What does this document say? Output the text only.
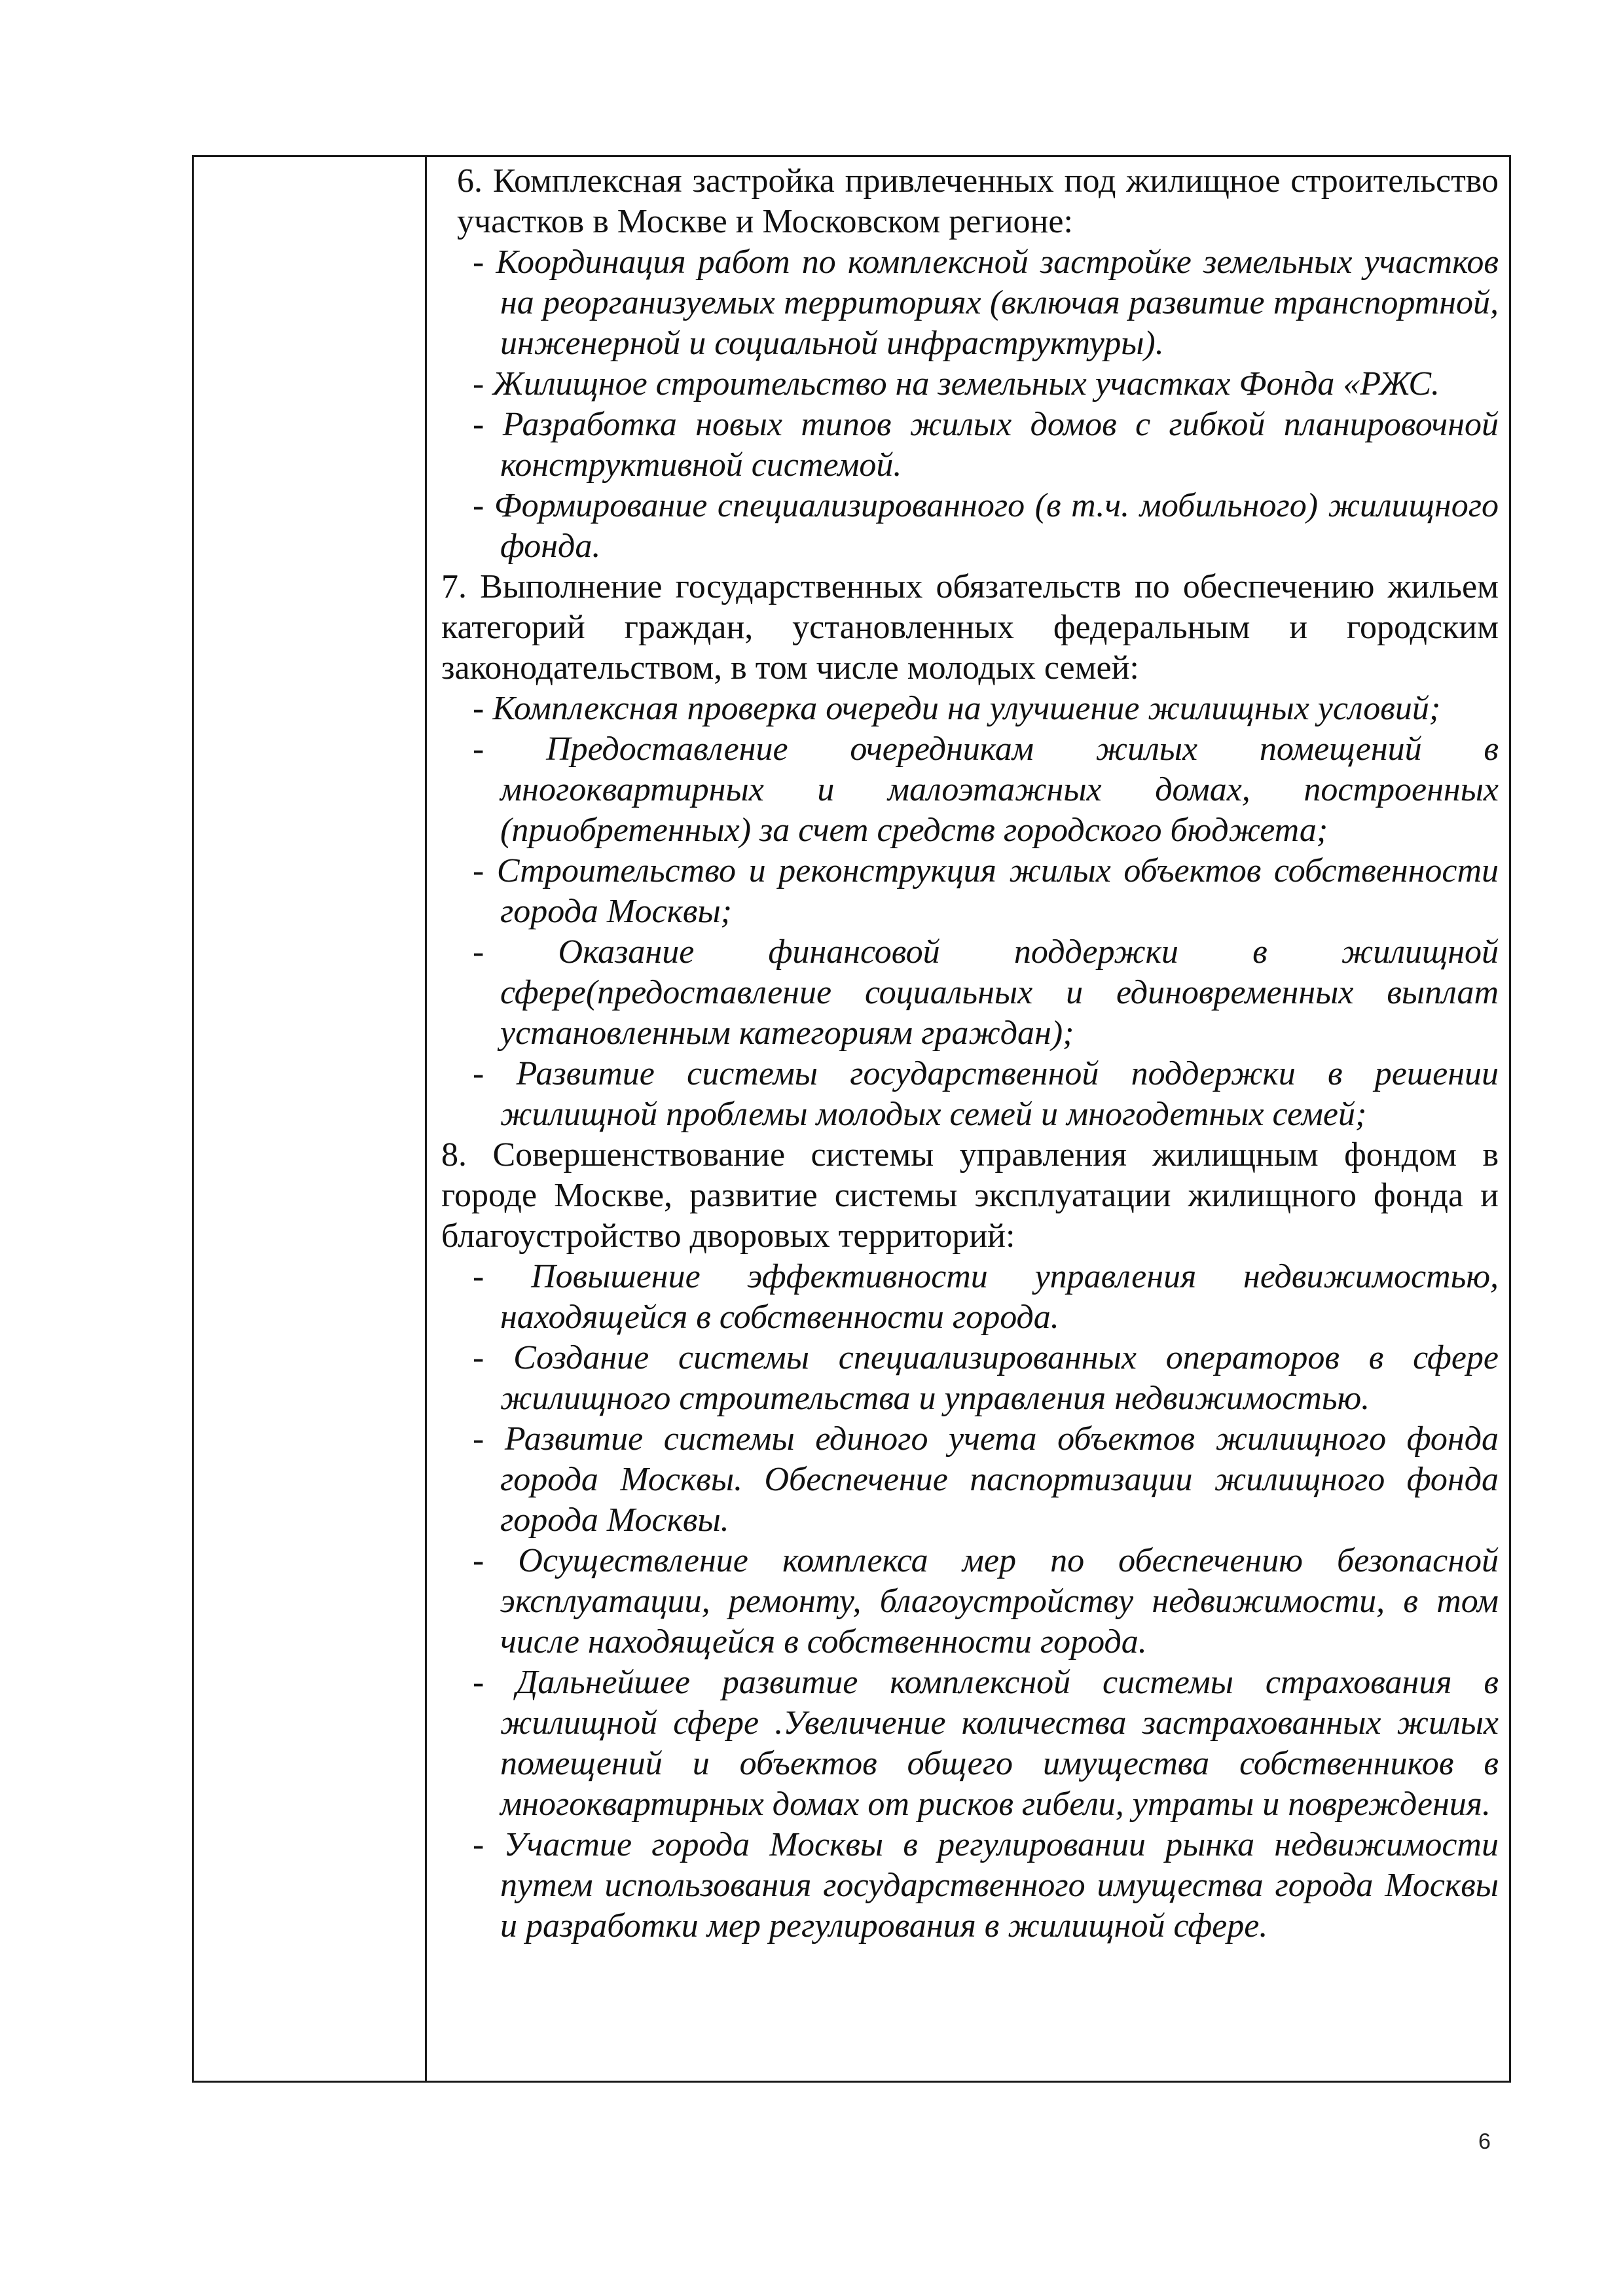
6. Комплексная застройка привлеченных под жилищное строительство участков в Москве и Московском регионе:

- Координация работ по комплексной застройке земельных участков на реорганизуемых территориях (включая развитие транспортной, инженерной и социальной инфраструктуры).

- Жилищное строительство на земельных участках Фонда «РЖС.

- Разработка новых типов жилых домов с гибкой планировочной конструктивной системой.

- Формирование специализированного (в т.ч. мобильного) жилищного фонда.

7. Выполнение государственных обязательств по обеспечению жильем категорий граждан, установленных федеральным и городским законодательством, в том числе молодых семей:

- Комплексная проверка очереди на улучшение жилищных условий;

- Предоставление очередникам жилых помещений в многоквартирных и малоэтажных домах, построенных (приобретенных) за счет средств городского бюджета;

- Строительство и реконструкция жилых объектов собственности города Москвы;

- Оказание финансовой поддержки в жилищной сфере(предоставление социальных и единовременных выплат установленным категориям граждан);

- Развитие системы государственной поддержки в решении жилищной проблемы молодых семей и многодетных семей;

8. Совершенствование системы управления жилищным фондом в городе Москве, развитие системы эксплуатации жилищного фонда и благоустройство дворовых территорий:

- Повышение эффективности управления недвижимостью, находящейся в собственности города.

- Создание системы специализированных операторов в сфере жилищного строительства и управления недвижимостью.

- Развитие системы единого учета объектов жилищного фонда города Москвы. Обеспечение паспортизации жилищного фонда города Москвы.

- Осуществление комплекса мер по обеспечению безопасной эксплуатации, ремонту, благоустройству недвижимости, в том числе находящейся в собственности города.

- Дальнейшее развитие комплексной системы страхования в жилищной сфере .Увеличение количества застрахованных жилых помещений и объектов общего имущества собственников в многоквартирных домах от рисков гибели, утраты и повреждения.

- Участие города Москвы в регулировании рынка недвижимости путем использования государственного имущества города Москвы и разработки мер регулирования в жилищной сфере.

6
